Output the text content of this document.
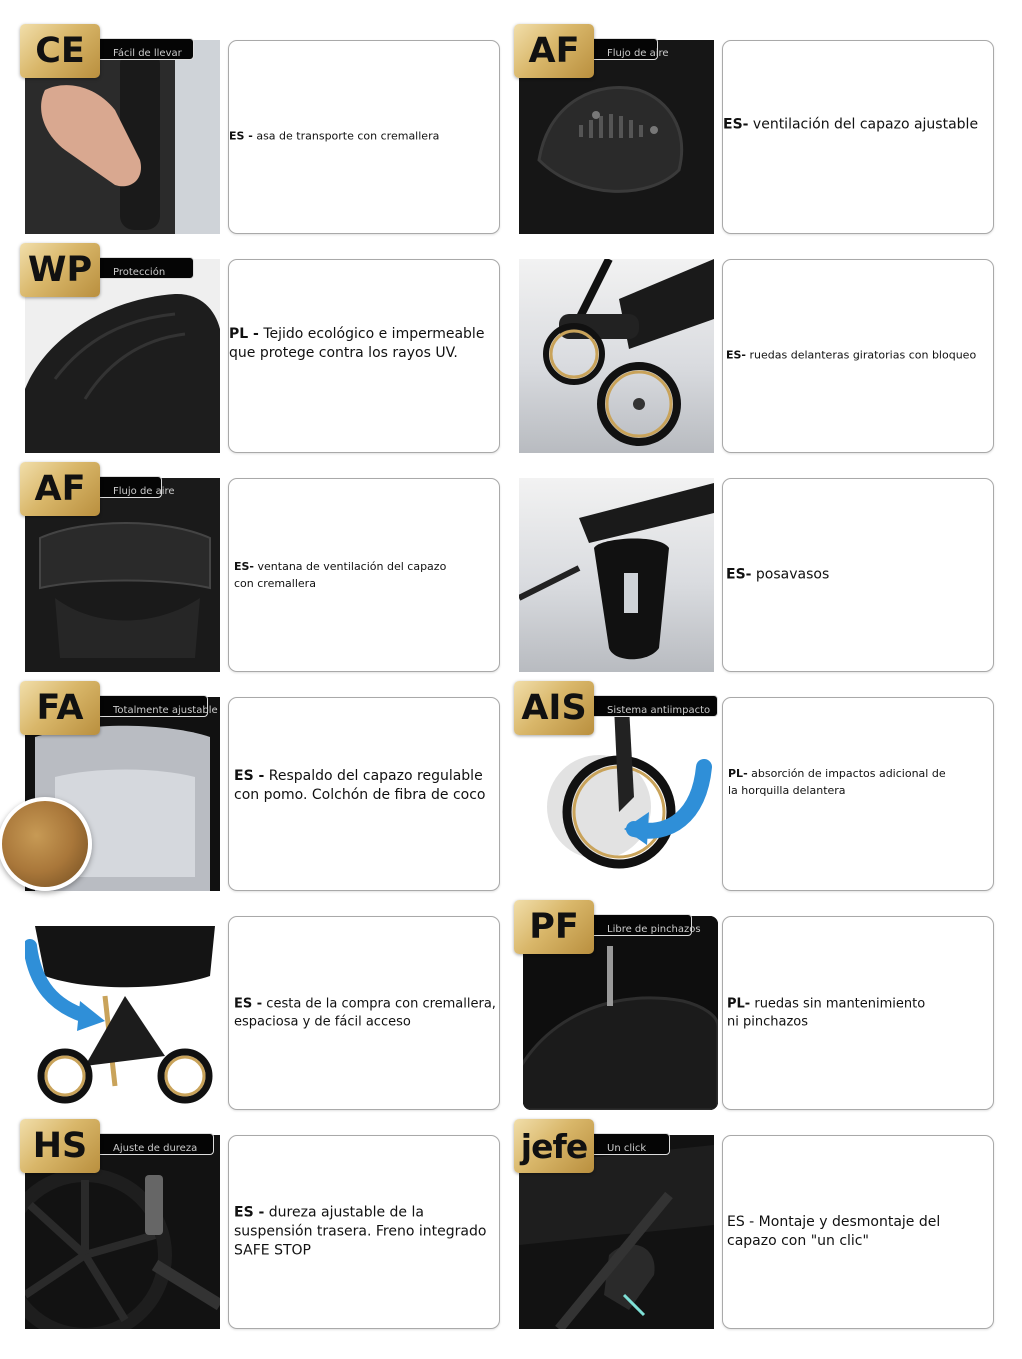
CE	Fácil de llevar
ES - asa de transporte con cremallera
AF	Flujo de aire
ES- ventilación del capazo ajustable
WP	Protección
PL - Tejido ecológico e impermeable que protege contra los rayos UV.	ES- ruedas delanteras giratorias con bloqueo
AF	Flujo de aire
ES- ventana de ventilación del capazo con cremallera
ES- posavasos
FA	Totalmente ajustable
ES - Respaldo del capazo regulable con pomo. Colchón de fibra de coco
AIS	Sistema antiimpacto
PL- absorción de impactos adicional de la horquilla delantera
ES - cesta de la compra con cremallera, espaciosa y de fácil acceso
PF	Libre de pinchazos
PL- ruedas sin mantenimiento ni pinchazos
HS	Ajuste de dureza
ES - dureza ajustable de la suspensión trasera. Freno integrado SAFE STOP
jefe	Un click
ES - Montaje y desmontaje del capazo con "un clic"
